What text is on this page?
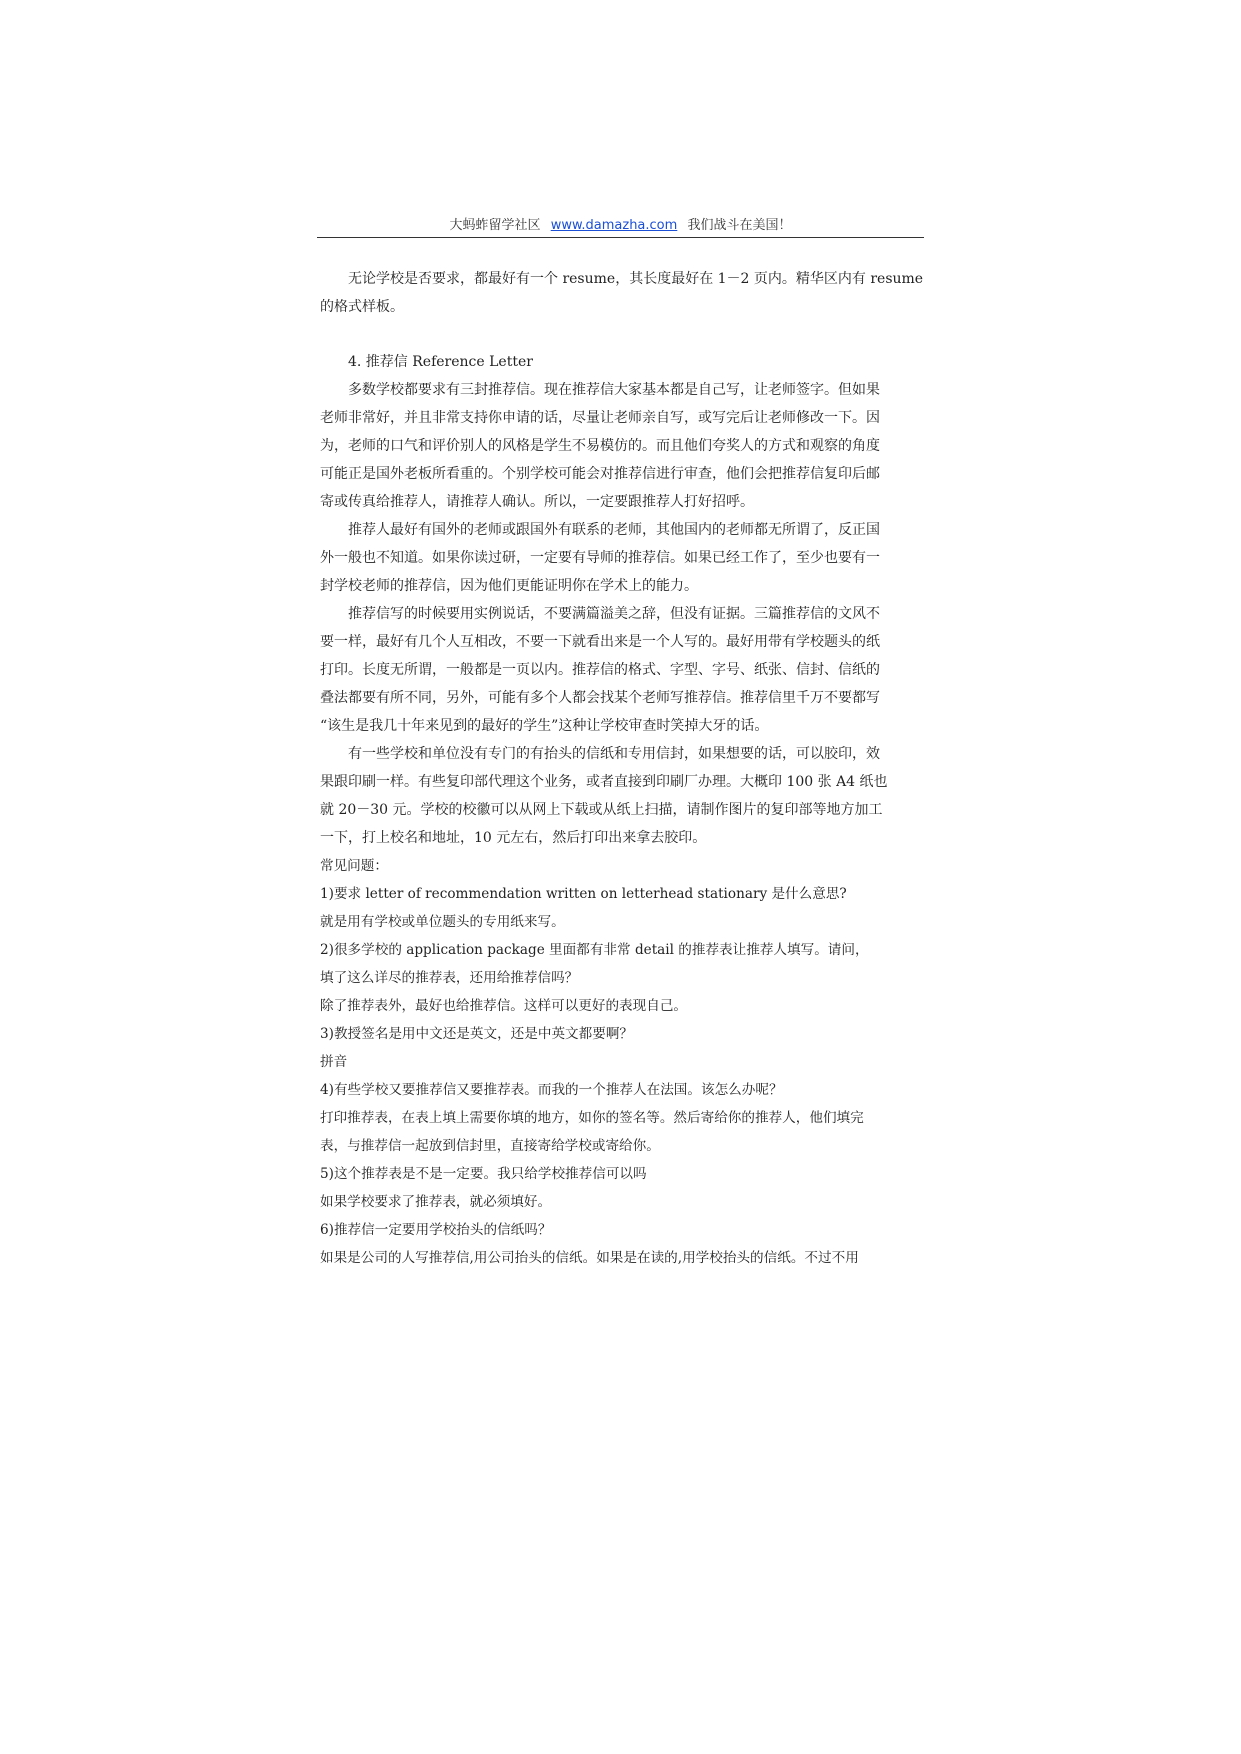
大蚂蚱留学社区 www.damazha.com 我们战斗在美国！
　　无论学校是否要求，都最好有一个 resume，其长度最好在 1－2 页内。精华区内有 resume
的格式样板。
　　4. 推荐信 Reference Letter
　　多数学校都要求有三封推荐信。现在推荐信大家基本都是自己写，让老师签字。但如果
老师非常好，并且非常支持你申请的话，尽量让老师亲自写，或写完后让老师修改一下。因
为，老师的口气和评价别人的风格是学生不易模仿的。而且他们夸奖人的方式和观察的角度
可能正是国外老板所看重的。个别学校可能会对推荐信进行审查，他们会把推荐信复印后邮
寄或传真给推荐人，请推荐人确认。所以，一定要跟推荐人打好招呼。
　　推荐人最好有国外的老师或跟国外有联系的老师，其他国内的老师都无所谓了，反正国
外一般也不知道。如果你读过研，一定要有导师的推荐信。如果已经工作了，至少也要有一
封学校老师的推荐信，因为他们更能证明你在学术上的能力。
　　推荐信写的时候要用实例说话，不要满篇溢美之辞，但没有证据。三篇推荐信的文风不
要一样，最好有几个人互相改，不要一下就看出来是一个人写的。最好用带有学校题头的纸
打印。长度无所谓，一般都是一页以内。推荐信的格式、字型、字号、纸张、信封、信纸的
叠法都要有所不同，另外，可能有多个人都会找某个老师写推荐信。推荐信里千万不要都写
“该生是我几十年来见到的最好的学生”这种让学校审查时笑掉大牙的话。
　　有一些学校和单位没有专门的有抬头的信纸和专用信封，如果想要的话，可以胶印，效
果跟印刷一样。有些复印部代理这个业务，或者直接到印刷厂办理。大概印 100 张 A4 纸也
就 20－30 元。学校的校徽可以从网上下载或从纸上扫描，请制作图片的复印部等地方加工
一下，打上校名和地址，10 元左右，然后打印出来拿去胶印。
常见问题：
1)要求 letter of recommendation written on letterhead stationary 是什么意思?
就是用有学校或单位题头的专用纸来写。
2)很多学校的 application package 里面都有非常 detail 的推荐表让推荐人填写。请问，
填了这么详尽的推荐表，还用给推荐信吗？
除了推荐表外，最好也给推荐信。这样可以更好的表现自己。
3)教授签名是用中文还是英文，还是中英文都要啊？
拼音
4)有些学校又要推荐信又要推荐表。而我的一个推荐人在法国。该怎么办呢？
打印推荐表，在表上填上需要你填的地方，如你的签名等。然后寄给你的推荐人，他们填完
表，与推荐信一起放到信封里，直接寄给学校或寄给你。
5)这个推荐表是不是一定要。我只给学校推荐信可以吗
如果学校要求了推荐表，就必须填好。
6)推荐信一定要用学校抬头的信纸吗？
如果是公司的人写推荐信,用公司抬头的信纸。如果是在读的,用学校抬头的信纸。不过不用
